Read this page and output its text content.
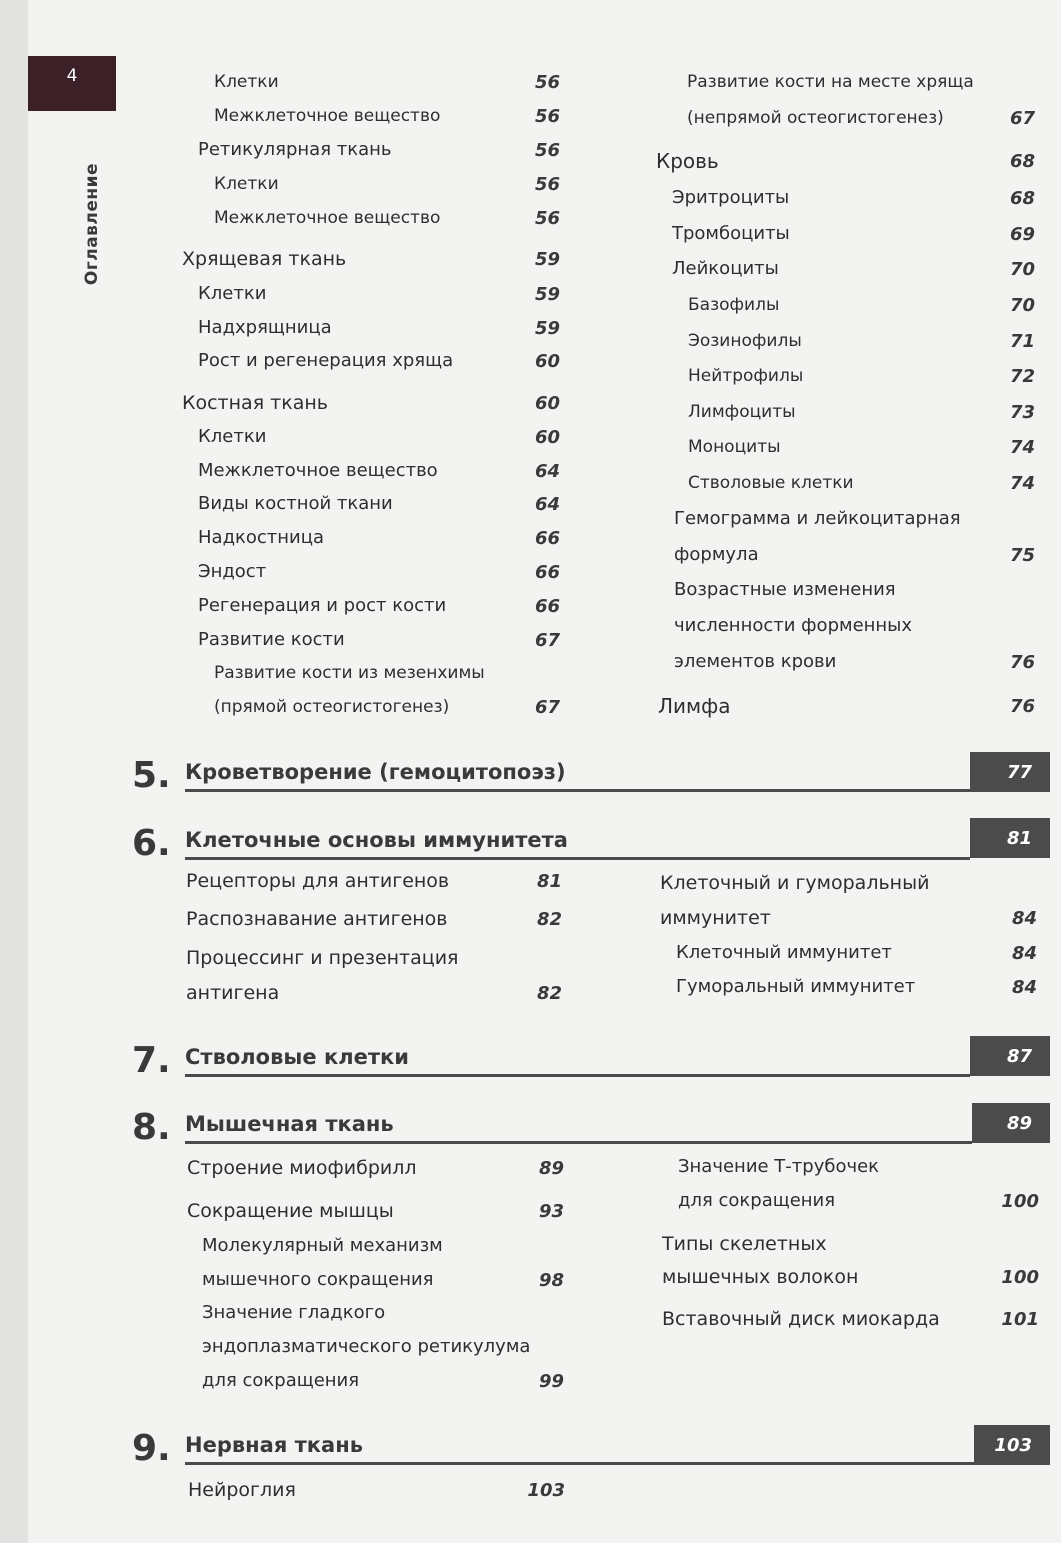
4
Оглавление
Клетки	56
Межклеточное вещество	56
Ретикулярная ткань	56
Клетки	56
Межклеточное вещество	56
Хрящевая ткань	59
Клетки	59
Надхрящница	59
Рост и регенерация хряща	60
Костная ткань	60
Клетки	60
Межклеточное вещество	64
Виды костной ткани	64
Надкостница	66
Эндост	66
Регенерация и рост кости	66
Развитие кости	67
Развитие кости из мезенхимы
(прямой остеогистогенез)	67
Развитие кости на месте хряща
(непрямой остеогистогенез)	67
Кровь	68
Эритроциты	68
Тромбоциты	69
Лейкоциты	70
Базофилы	70
Эозинофилы	71
Нейтрофилы	72
Лимфоциты	73
Моноциты	74
Стволовые клетки	74
Гемограмма и лейкоцитарная
формула	75
Возрастные изменения
численности форменных
элементов крови	76
Лимфа	76
5. Кроветворение (гемоцитопоэз)	77
6. Клеточные основы иммунитета	81
7. Стволовые клетки	87
8. Мышечная ткань	89
9. Нервная ткань	103
Рецепторы для антигенов	81
Распознавание антигенов	82
Процессинг и презентация
антигена	82
Клеточный и гуморальный
иммунитет	84
Клеточный иммунитет	84
Гуморальный иммунитет	84
Строение миофибрилл	89
Сокращение мышцы	93
Молекулярный механизм
мышечного сокращения	98
Значение гладкого
эндоплазматического ретикулума
для сокращения	99
Значение Т-трубочек
для сокращения	100
Типы скелетных
мышечных волокон	100
Вставочный диск миокарда	101
Нейроглия	103
